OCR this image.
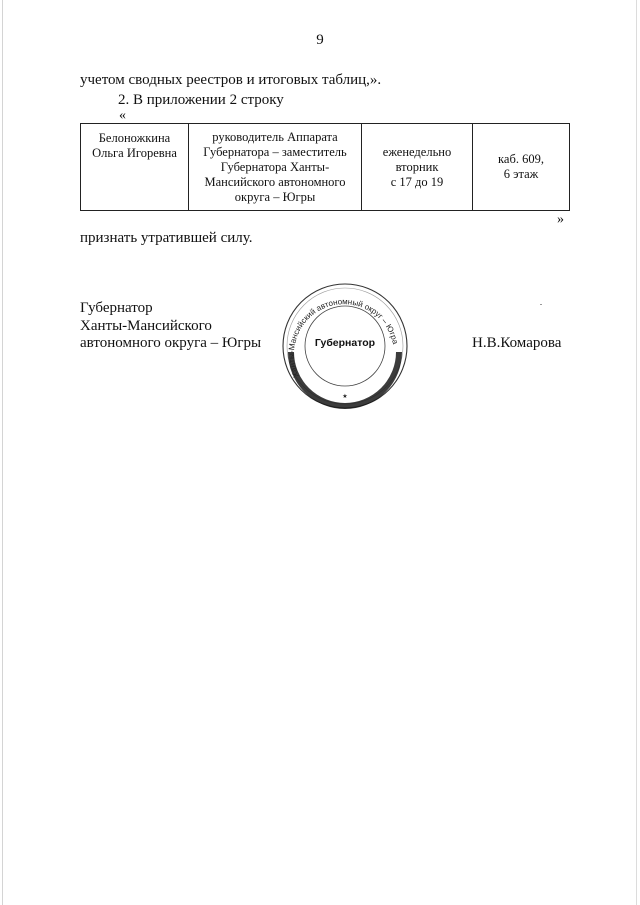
9
учетом сводных реестров и итоговых таблиц,».
2. В приложении 2 строку
«
Белоножкина
Ольга Игоревна

руководитель Аппарата
Губернатора – заместитель
Губернатора Ханты-
Мансийского автономного
округа – Югры

еженедельно
вторник
с 17 до 19

каб. 609,
6 этаж
»
признать утратившей силу.
Губернатор
Ханты-Мансийского
автономного округа – Югры	Н.В.Комарова
Ханты-Мансийский автономный округ – Югра
Губернатор
★
